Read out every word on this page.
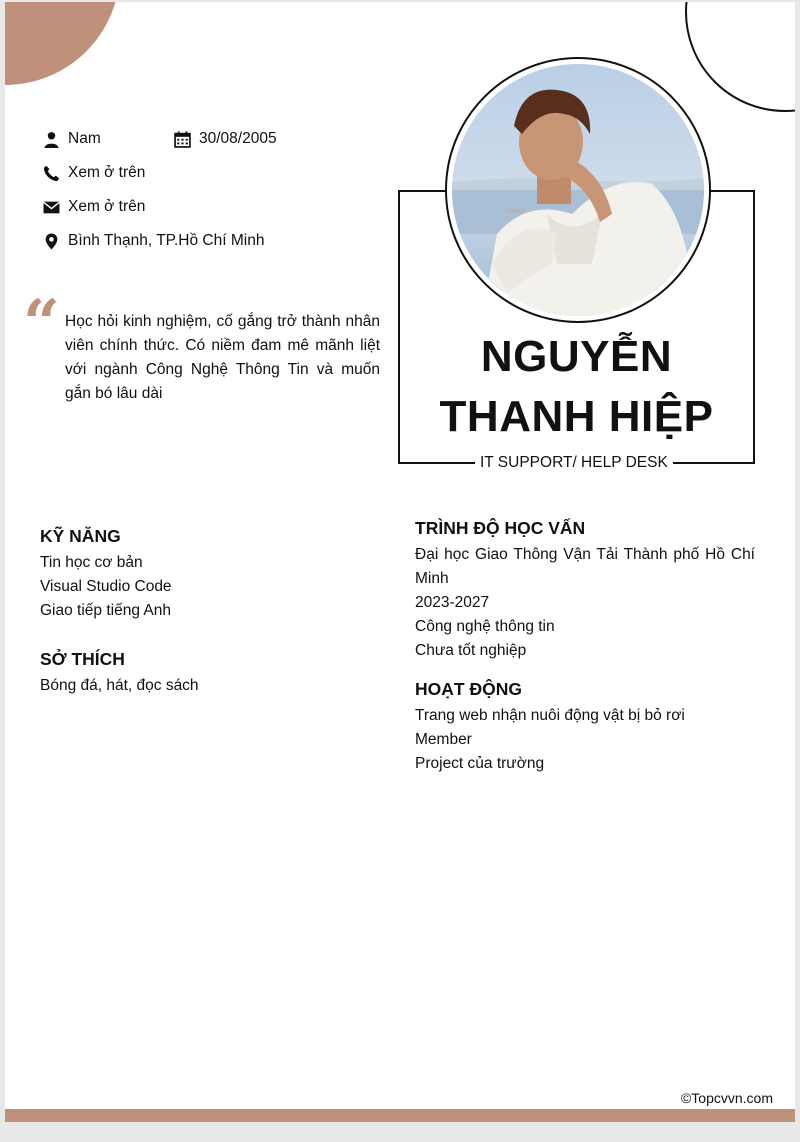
Nam	30/08/2005
Xem ở trên
Xem ở trên
Bình Thạnh, TP.Hồ Chí Minh
“ Học hỏi kinh nghiệm, cố gắng trở thành nhân viên chính thức. Có niềm đam mê mãnh liệt với ngành Công Nghệ Thông Tin và muốn gắn bó lâu dài
NGUYỄN
THANH HIỆP
IT SUPPORT/ HELP DESK
KỸ NĂNG
Tin học cơ bản
Visual Studio Code
Giao tiếp tiếng Anh
SỞ THÍCH
Bóng đá, hát, đọc sách
TRÌNH ĐỘ HỌC VẤN
Đại học Giao Thông Vận Tải Thành phố Hồ Chí Minh
2023-2027
Công nghệ thông tin
Chưa tốt nghiệp
HOẠT ĐỘNG
Trang web nhận nuôi động vật bị bỏ rơi
Member
Project của trường
©Topcvvn.com
